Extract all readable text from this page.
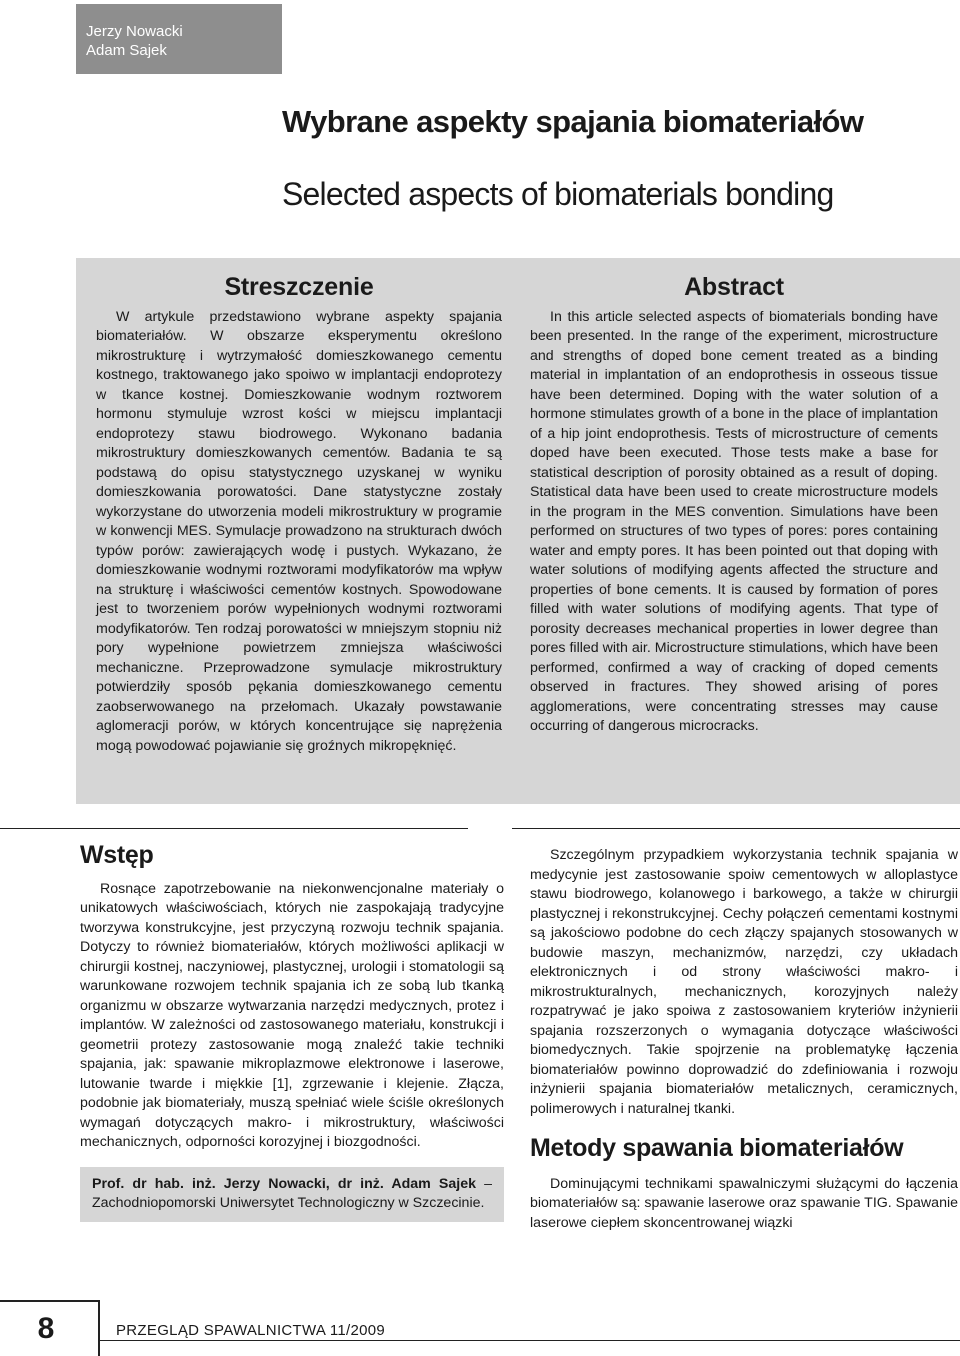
Jerzy Nowacki
Adam Sajek
Wybrane aspekty spajania biomateriałów
Selected aspects of biomaterials bonding
Streszczenie

W artykule przedstawiono wybrane aspekty spajania biomateriałów. W obszarze eksperymentu określono mikrostrukturę i wytrzymałość domieszkowanego cementu kostnego, traktowanego jako spoiwo w implantacji endoprotezy w tkance kostnej. Domieszkowanie wodnym roztworem hormonu stymuluje wzrost kości w miejscu implantacji endoprotezy stawu biodrowego. Wykonano badania mikrostruktury domieszkowanych cementów. Badania te są podstawą do opisu statystycznego uzyskanej w wyniku domieszkowania porowatości. Dane statystyczne zostały wykorzystane do utworzenia modeli mikrostruktury w programie w konwencji MES. Symulacje prowadzono na strukturach dwóch typów porów: zawierających wodę i pustych. Wykazano, że domieszkowanie wodnymi roztworami modyfikatorów ma wpływ na strukturę i właściwości cementów kostnych. Spowodowane jest to tworzeniem porów wypełnionych wodnymi roztworami modyfikatorów. Ten rodzaj porowatości w mniejszym stopniu niż pory wypełnione powietrzem zmniejsza właściwości mechaniczne. Przeprowadzone symulacje mikrostruktury potwierdziły sposób pękania domieszkowanego cementu zaobserwowanego na przełomach. Ukazały powstawanie aglomeracji porów, w których koncentrujące się naprężenia mogą powodować pojawianie się groźnych mikropęknięć.

Abstract

In this article selected aspects of biomaterials bonding have been presented. In the range of the experiment, microstructure and strengths of doped bone cement treated as a binding material in implantation of an endoprothesis in osseous tissue have been determined. Doping with the water solution of a hormone stimulates growth of a bone in the place of implantation of a hip joint endoprothesis. Tests of microstructure of cements doped have been executed. Those tests make a base for statistical description of porosity obtained as a result of doping. Statistical data have been used to create microstructure models in the program in the MES convention. Simulations have been performed on structures of two types of pores: pores containing water and empty pores. It has been pointed out that doping with water solutions of modifying agents affected the structure and properties of bone cements. It is caused by formation of pores filled with water solutions of modifying agents. That type of porosity decreases mechanical properties in lower degree than pores filled with air. Microstructure stimulations, which have been performed, confirmed a way of cracking of doped cements observed in fractures. They showed arising of pores agglomerations, were concentrating stresses may cause occurring of dangerous microcracks.

Wstęp

Rosnące zapotrzebowanie na niekonwencjonalne materiały o unikatowych właściwościach, których nie zaspokajają tradycyjne tworzywa konstrukcyjne, jest przyczyną rozwoju technik spajania. Dotyczy to również biomateriałów, których możliwości aplikacji w chirurgii kostnej, naczyniowej, plastycznej, urologii i stomatologii są warunkowane rozwojem technik spajania ich ze sobą lub tkanką organizmu w obszarze wytwarzania narzędzi medycznych, protez i implantów. W zależności od zastosowanego materiału, konstrukcji i geometrii protezy zastosowanie mogą znaleźć takie techniki spajania, jak: spawanie mikroplazmowe elektronowe i laserowe, lutowanie twarde i miękkie [1], zgrzewanie i klejenie. Złącza, podobnie jak biomateriały, muszą spełniać wiele ściśle określonych wymagań dotyczących makro- i mikrostruktury, właściwości mechanicznych, odporności korozyjnej i biozgodności.

Prof. dr hab. inż. Jerzy Nowacki, dr inż. Adam Sajek – Zachodniopomorski Uniwersytet Technologiczny w Szczecinie.

Szczególnym przypadkiem wykorzystania technik spajania w medycynie jest zastosowanie spoiw cementowych w alloplastyce stawu biodrowego, kolanowego i barkowego, a także w chirurgii plastycznej i rekonstrukcyjnej. Cechy połączeń cementami kostnymi są jakościowo podobne do cech złączy spajanych stosowanych w budowie maszyn, mechanizmów, narzędzi, czy układach elektronicznych i od strony właściwości makro- i mikrostrukturalnych, mechanicznych, korozyjnych należy rozpatrywać je jako spoiwa z zastosowaniem kryteriów inżynierii spajania rozszerzonych o wymagania dotyczące właściwości biomedycznych. Takie spojrzenie na problematykę łączenia biomateriałów powinno doprowadzić do zdefiniowania i rozwoju inżynierii spajania biomateriałów metalicznych, ceramicznych, polimerowych i naturalnej tkanki.

Metody spawania biomateriałów

Dominującymi technikami spawalniczymi służącymi do łączenia biomateriałów są: spawanie laserowe oraz spawanie TIG. Spawanie laserowe ciepłem skoncentrowanej wiązki

8	PRZEGLĄD SPAWALNICTWA 11/2009
